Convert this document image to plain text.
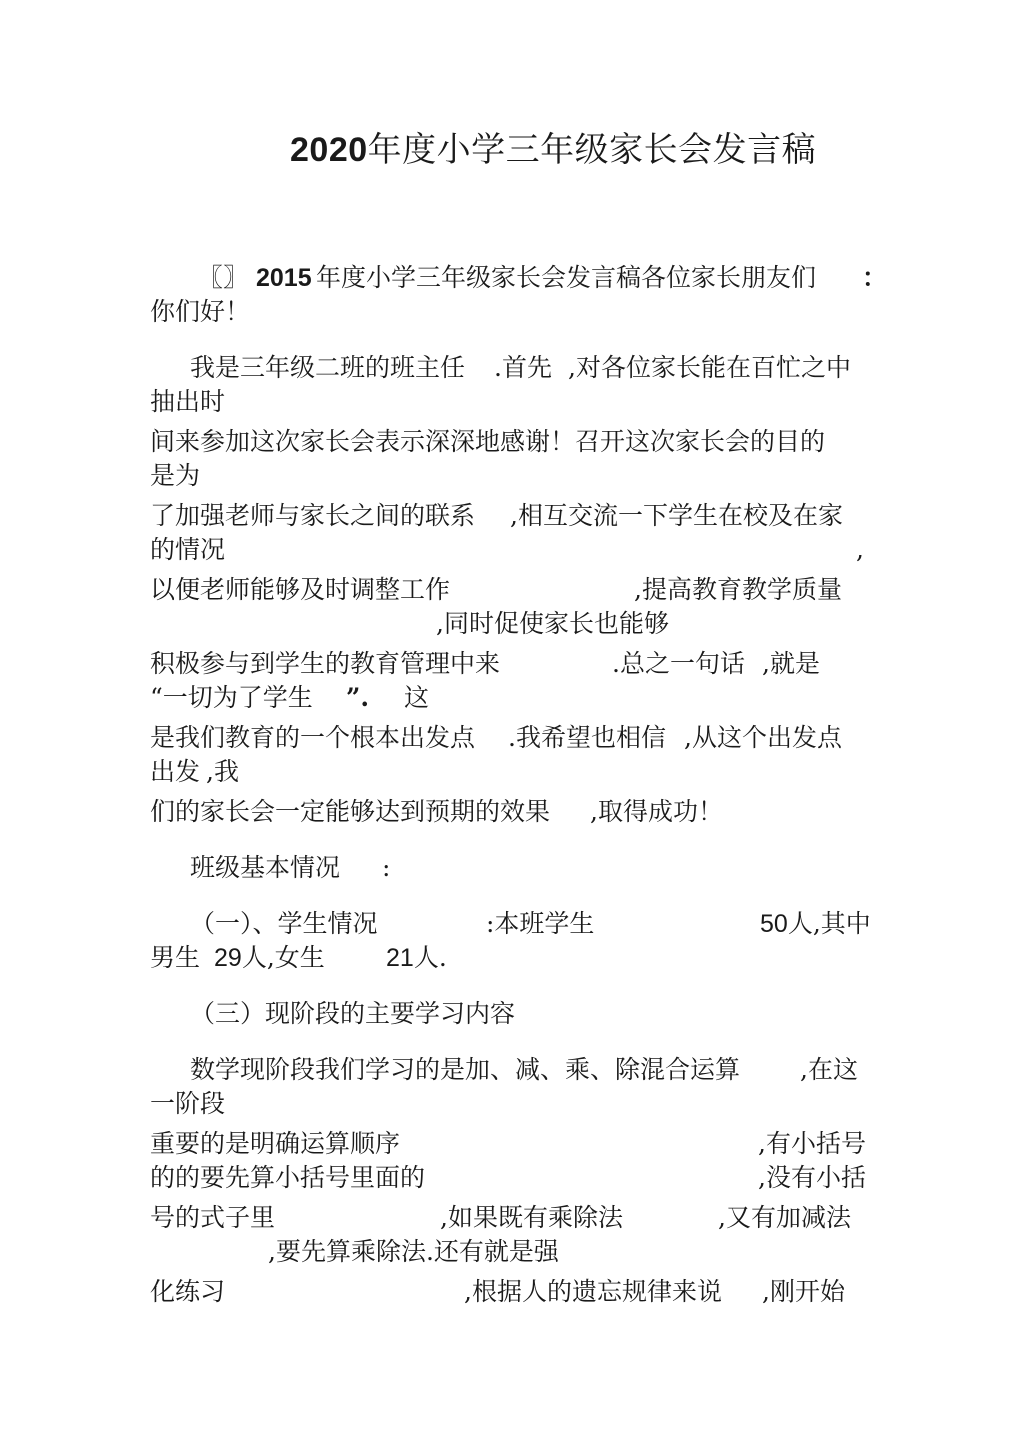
2020年度小学三年级家长会发言稿
〖〗 2015 年度小学三年级家长会发言稿各位家长朋友们 ：
你们好！
我是三年级二班的班主任 .首先 ,对各位家长能在百忙之中
抽出时
间来参加这次家长会表示深深地感谢！召开这次家长会的目的
是为
了加强老师与家长之间的联系 ,相互交流一下学生在校及在家
的情况	,
以便老师能够及时调整工作	,提高教育教学质量
,同时促使家长也能够
积极参与到学生的教育管理中来	.总之一句话 ,就是
“一切为了学生 ”. 这
是我们教育的一个根本出发点 .我希望也相信 ,从这个出发点
出发 ,我
们的家长会一定能够达到预期的效果 ,取得成功！
班级基本情况 :
（一）、学生情况	:本班学生	50人,其中
男生 29人,女生 21人.
（三）现阶段的主要学习内容
数学现阶段我们学习的是加、减、乘、除混合运算 ,在这
一阶段
重要的是明确运算顺序	,有小括号
的的要先算小括号里面的	,没有小括
号的式子里	,如果既有乘除法	,又有加减法
,要先算乘除法.还有就是强
化练习	,根据人的遗忘规律来说 ,刚开始
